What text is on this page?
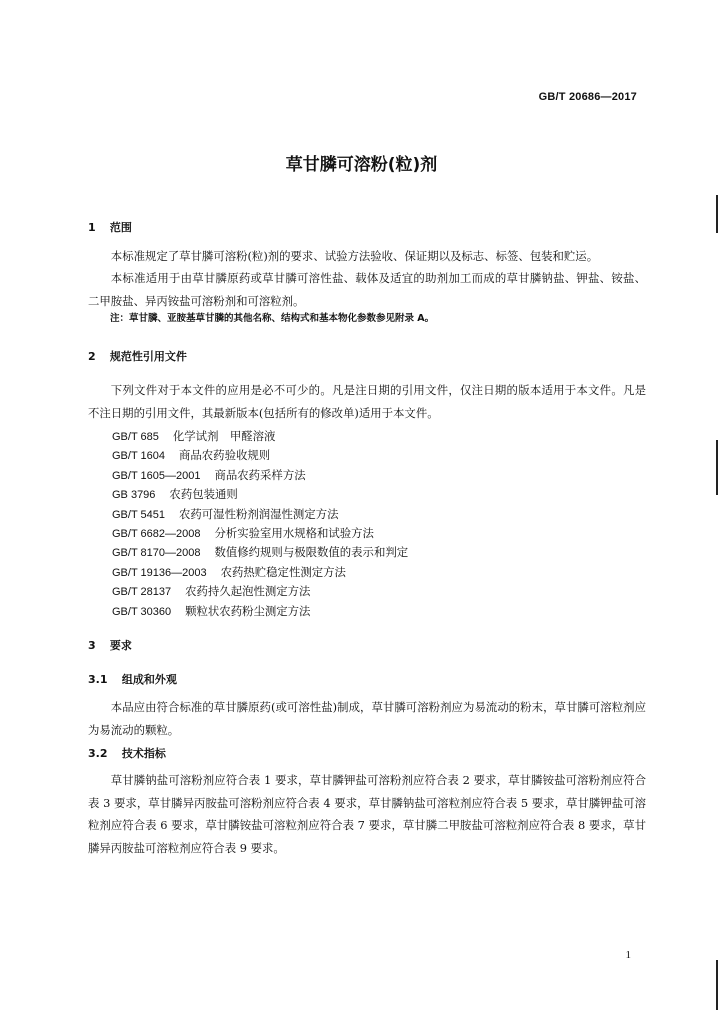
GB/T 20686—2017
草甘膦可溶粉(粒)剂
1 范围
本标准规定了草甘膦可溶粉(粒)剂的要求、试验方法验收、保证期以及标志、标签、包装和贮运。
本标准适用于由草甘膦原药或草甘膦可溶性盐、载体及适宜的助剂加工而成的草甘膦钠盐、钾盐、铵盐、二甲胺盐、异丙铵盐可溶粉剂和可溶粒剂。
注：草甘膦、亚胺基草甘膦的其他名称、结构式和基本物化参数参见附录 A。
2 规范性引用文件
下列文件对于本文件的应用是必不可少的。凡是注日期的引用文件，仅注日期的版本适用于本文件。凡是不注日期的引用文件，其最新版本(包括所有的修改单)适用于本文件。
GB/T 685 化学试剂　甲醛溶液
GB/T 1604 商品农药验收规则
GB/T 1605—2001 商品农药采样方法
GB 3796 农药包装通则
GB/T 5451 农药可湿性粉剂润湿性测定方法
GB/T 6682—2008 分析实验室用水规格和试验方法
GB/T 8170—2008 数值修约规则与极限数值的表示和判定
GB/T 19136—2003 农药热贮稳定性测定方法
GB/T 28137 农药持久起泡性测定方法
GB/T 30360 颗粒状农药粉尘测定方法
3 要求
3.1 组成和外观
本品应由符合标准的草甘膦原药(或可溶性盐)制成，草甘膦可溶粉剂应为易流动的粉末，草甘膦可溶粒剂应为易流动的颗粒。
3.2 技术指标
草甘膦钠盐可溶粉剂应符合表 1 要求，草甘膦钾盐可溶粉剂应符合表 2 要求，草甘膦铵盐可溶粉剂应符合表 3 要求，草甘膦异丙胺盐可溶粉剂应符合表 4 要求，草甘膦钠盐可溶粒剂应符合表 5 要求，草甘膦钾盐可溶粒剂应符合表 6 要求，草甘膦铵盐可溶粒剂应符合表 7 要求，草甘膦二甲胺盐可溶粒剂应符合表 8 要求，草甘膦异丙胺盐可溶粒剂应符合表 9 要求。
1
